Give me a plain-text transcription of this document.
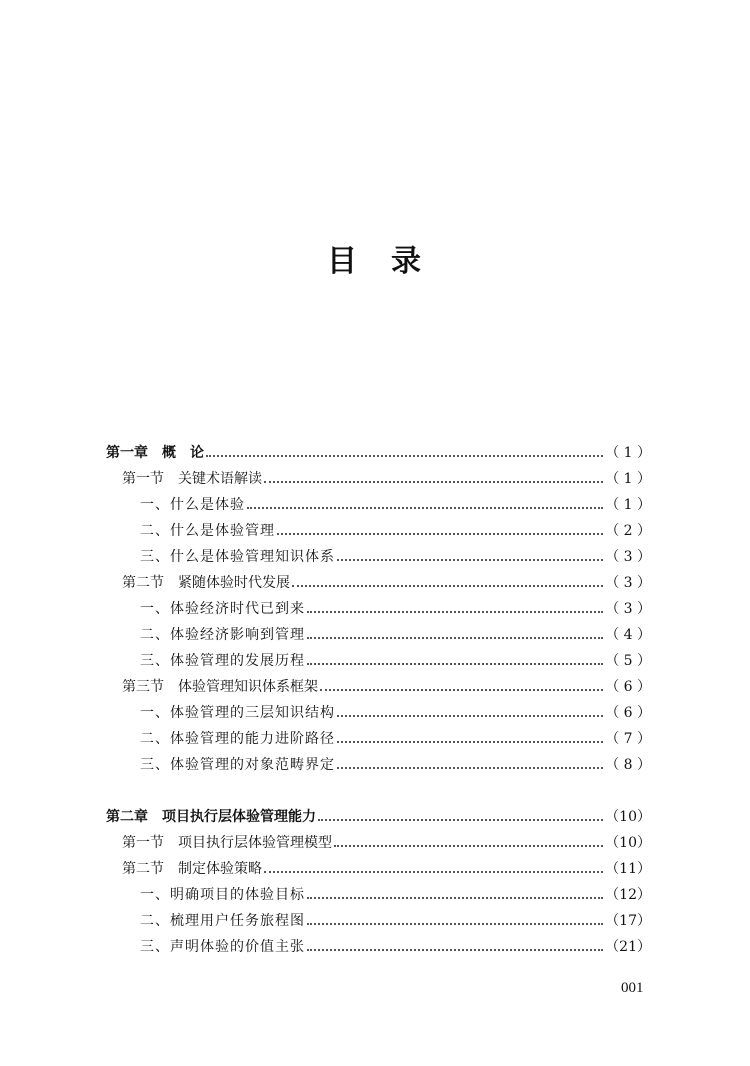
目　录
第一章　概　论	（ 1 ）
第一节　关键术语解读	（ 1 ）
一、什么是体验	（ 1 ）
二、什么是体验管理	（ 2 ）
三、什么是体验管理知识体系	（ 3 ）
第二节　紧随体验时代发展	（ 3 ）
一、体验经济时代已到来	（ 3 ）
二、体验经济影响到管理	（ 4 ）
三、体验管理的发展历程	（ 5 ）
第三节　体验管理知识体系框架	（ 6 ）
一、体验管理的三层知识结构	（ 6 ）
二、体验管理的能力进阶路径	（ 7 ）
三、体验管理的对象范畴界定	（ 8 ）
第二章　项目执行层体验管理能力	（10）
第一节　项目执行层体验管理模型	（10）
第二节　制定体验策略	（11）
一、明确项目的体验目标	（12）
二、梳理用户任务旅程图	（17）
三、声明体验的价值主张	（21）
001
